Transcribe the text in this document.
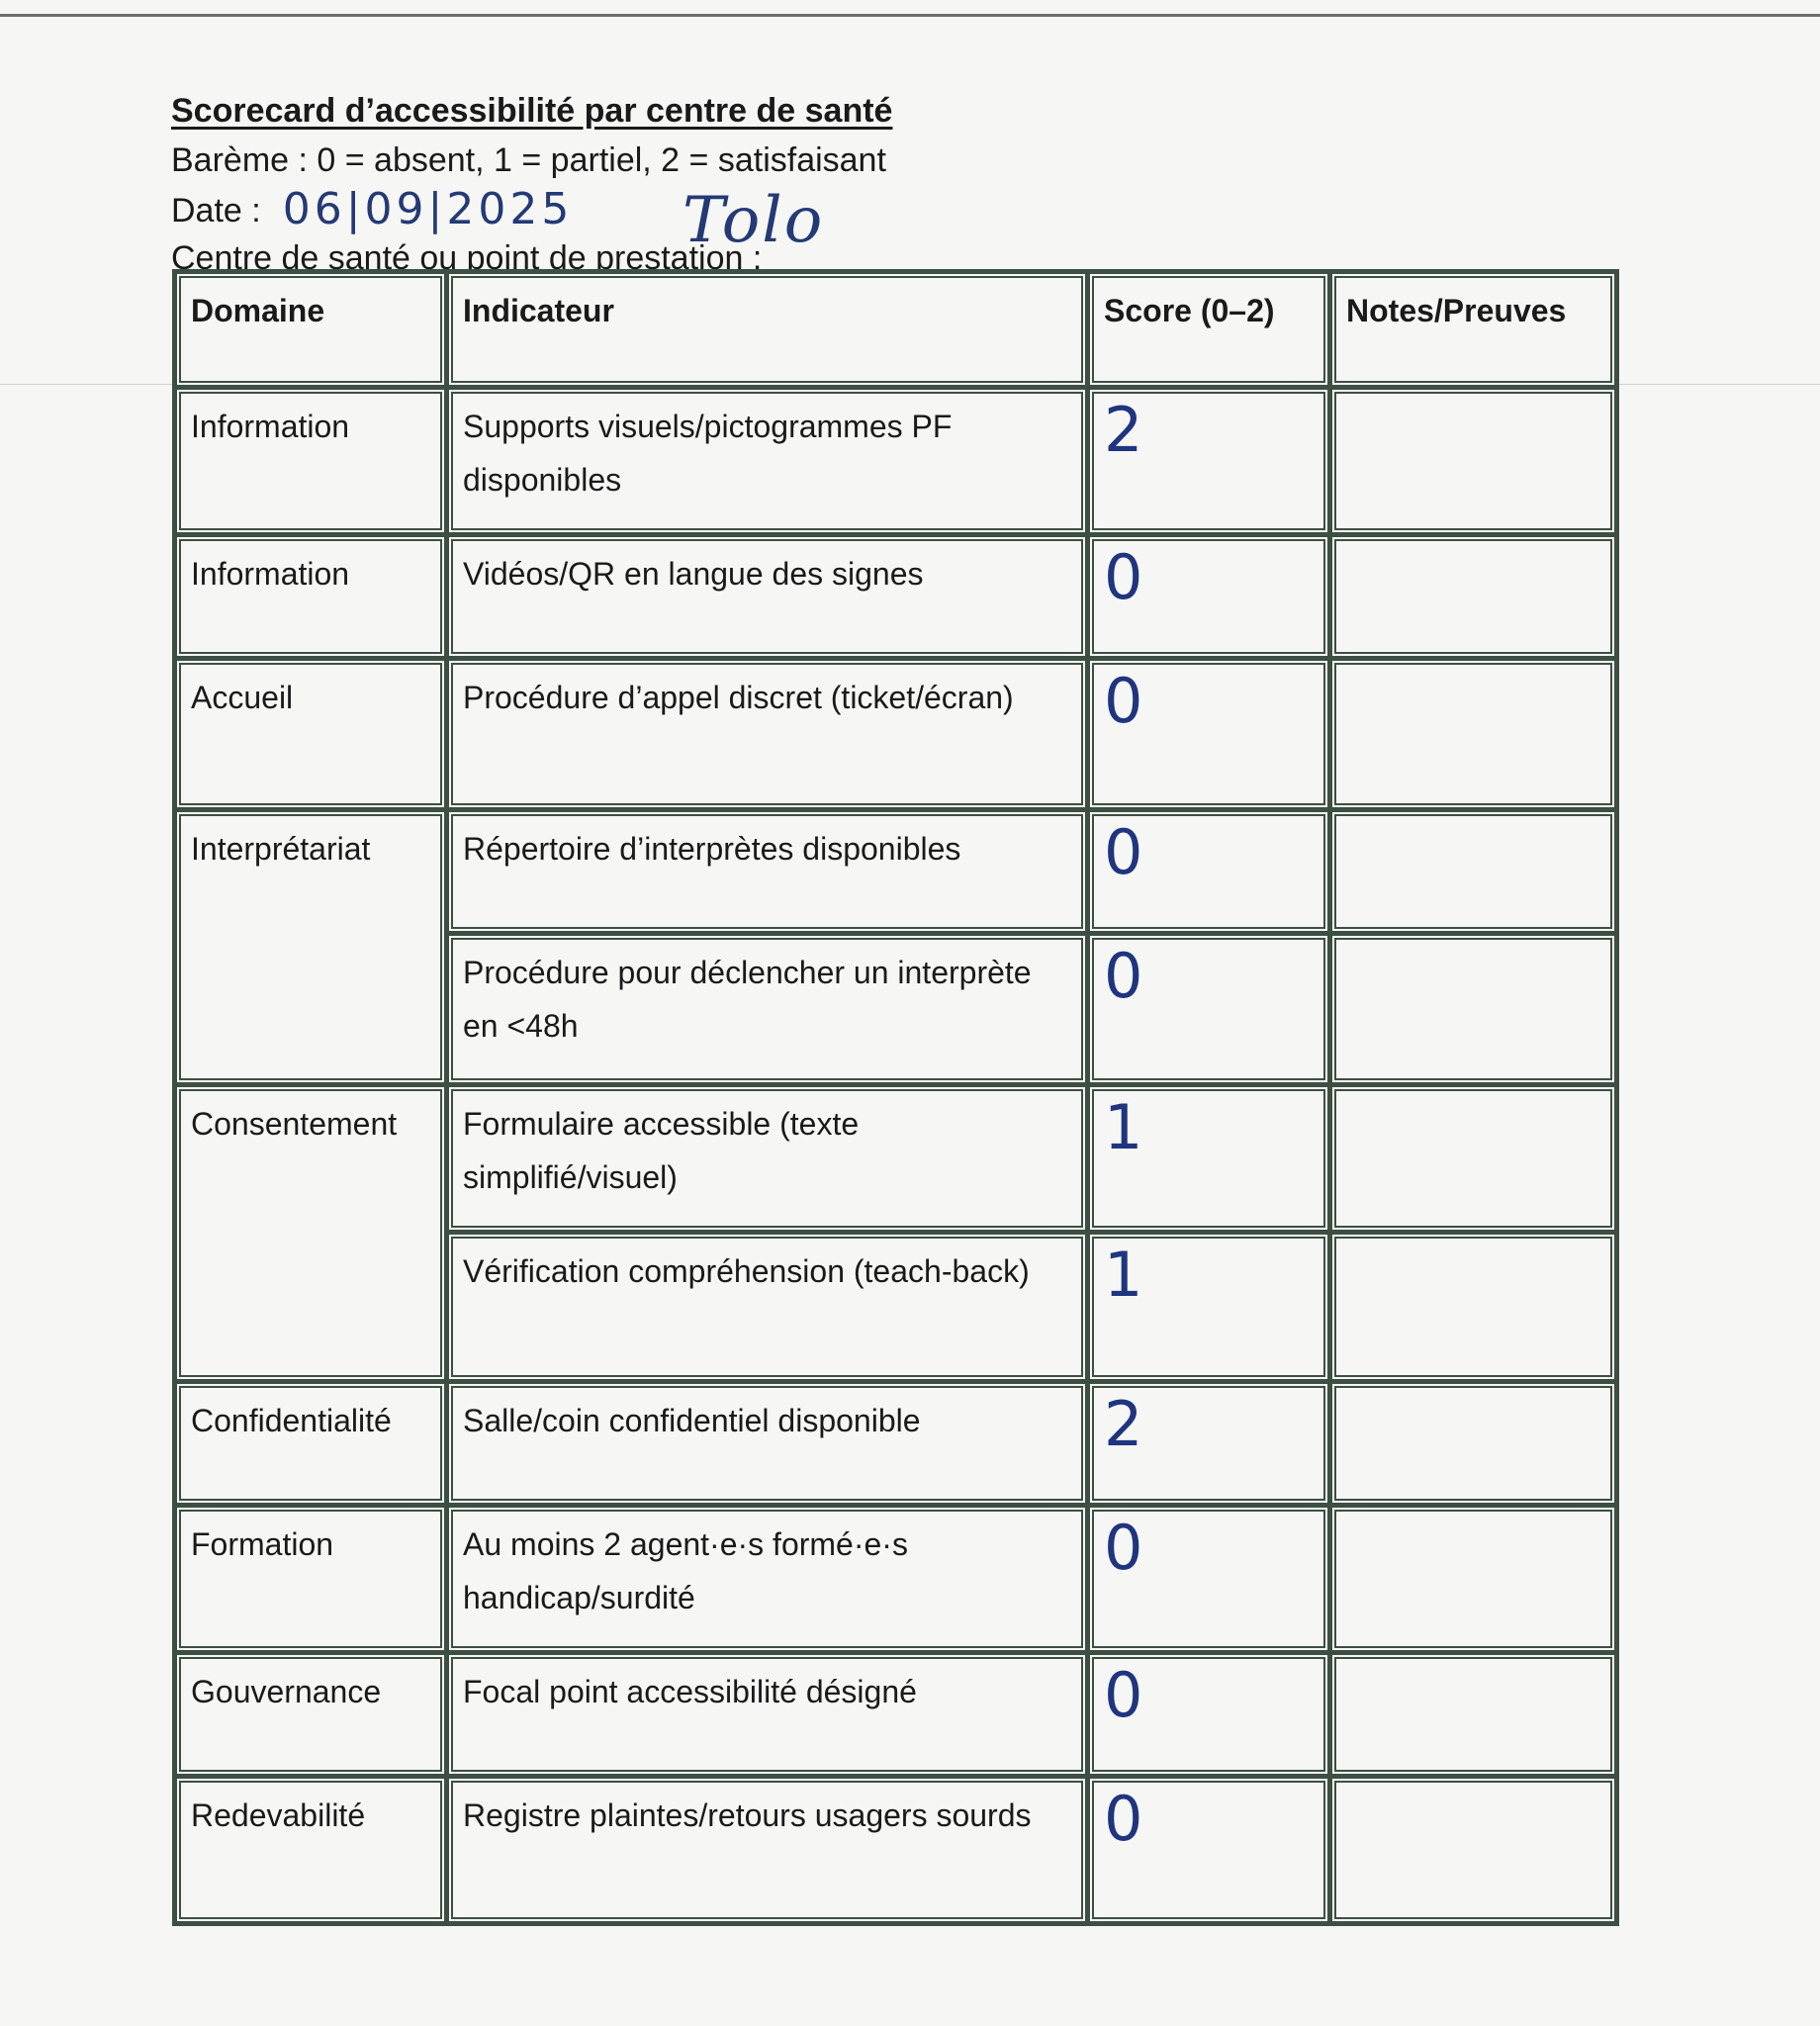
Scorecard d’accessibilité par centre de santé

Barème : 0 = absent, 1 = partiel, 2 = satisfaisant

Date : 06|09|2025

Centre de santé ou point de prestation :

Tolo
Domaine	Indicateur	Score (0–2)	Notes/Preuves
Information	Supports visuels/pictogrammes PF disponibles	2	
Information	Vidéos/QR en langue des signes	0	
Accueil	Procédure d’appel discret (ticket/écran)	0	
Interprétariat	Répertoire d’interprètes disponibles	0	
	Procédure pour déclencher un interprète en <48h	0	
Consentement	Formulaire accessible (texte simplifié/visuel)	1	
	Vérification compréhension (teach-back)	1	
Confidentialité	Salle/coin confidentiel disponible	2	
Formation	Au moins 2 agent·e·s formé·e·s handicap/surdité	0	
Gouvernance	Focal point accessibilité désigné	0	
Redevabilité	Registre plaintes/retours usagers sourds	0	
